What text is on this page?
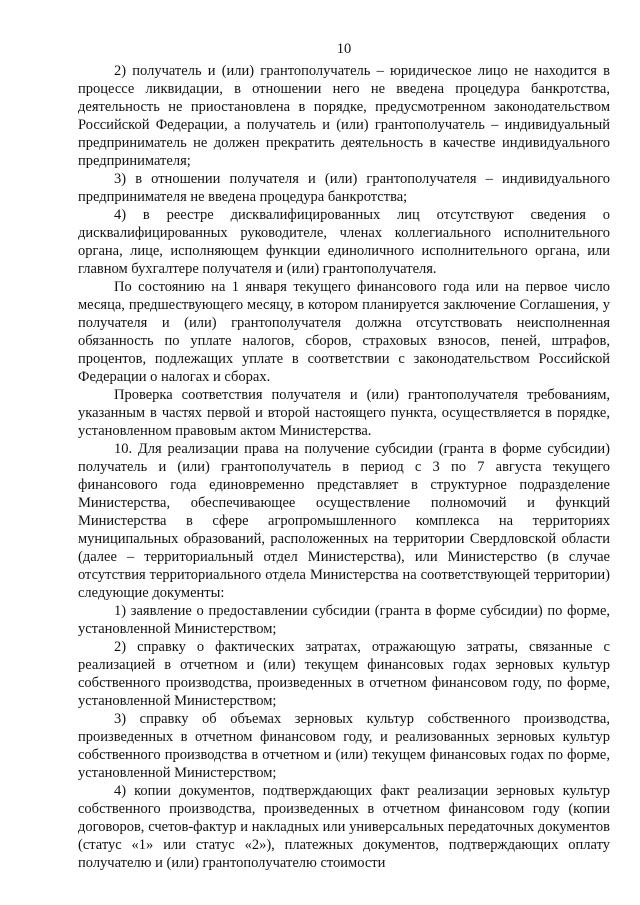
10

2) получатель и (или) грантополучатель – юридическое лицо не находится в процессе ликвидации, в отношении него не введена процедура банкротства, деятельность не приостановлена в порядке, предусмотренном законодательством Российской Федерации, а получатель и (или) грантополучатель – индивидуальный предприниматель не должен прекратить деятельность в качестве индивидуального предпринимателя;

3) в отношении получателя и (или) грантополучателя – индивидуального предпринимателя не введена процедура банкротства;

4) в реестре дисквалифицированных лиц отсутствуют сведения о дисквалифицированных руководителе, членах коллегиального исполнительного органа, лице, исполняющем функции единоличного исполнительного органа, или главном бухгалтере получателя и (или) грантополучателя.

По состоянию на 1 января текущего финансового года или на первое число месяца, предшествующего месяцу, в котором планируется заключение Соглашения, у получателя и (или) грантополучателя должна отсутствовать неисполненная обязанность по уплате налогов, сборов, страховых взносов, пеней, штрафов, процентов, подлежащих уплате в соответствии с законодательством Российской Федерации о налогах и сборах.

Проверка соответствия получателя и (или) грантополучателя требованиям, указанным в частях первой и второй настоящего пункта, осуществляется в порядке, установленном правовым актом Министерства.

10. Для реализации права на получение субсидии (гранта в форме субсидии) получатель и (или) грантополучатель в период с 3 по 7 августа текущего финансового года единовременно представляет в структурное подразделение Министерства, обеспечивающее осуществление полномочий и функций Министерства в сфере агропромышленного комплекса на территориях муниципальных образований, расположенных на территории Свердловской области (далее – территориальный отдел Министерства), или Министерство (в случае отсутствия территориального отдела Министерства на соответствующей территории) следующие документы:

1) заявление о предоставлении субсидии (гранта в форме субсидии) по форме, установленной Министерством;

2) справку о фактических затратах, отражающую затраты, связанные с реализацией в отчетном и (или) текущем финансовых годах зерновых культур собственного производства, произведенных в отчетном финансовом году, по форме, установленной Министерством;

3) справку об объемах зерновых культур собственного производства, произведенных в отчетном финансовом году, и реализованных зерновых культур собственного производства в отчетном и (или) текущем финансовых годах по форме, установленной Министерством;

4) копии документов, подтверждающих факт реализации зерновых культур собственного производства, произведенных в отчетном финансовом году (копии договоров, счетов-фактур и накладных или универсальных передаточных документов (статус «1» или статус «2»), платежных документов, подтверждающих оплату получателю и (или) грантополучателю стоимости
